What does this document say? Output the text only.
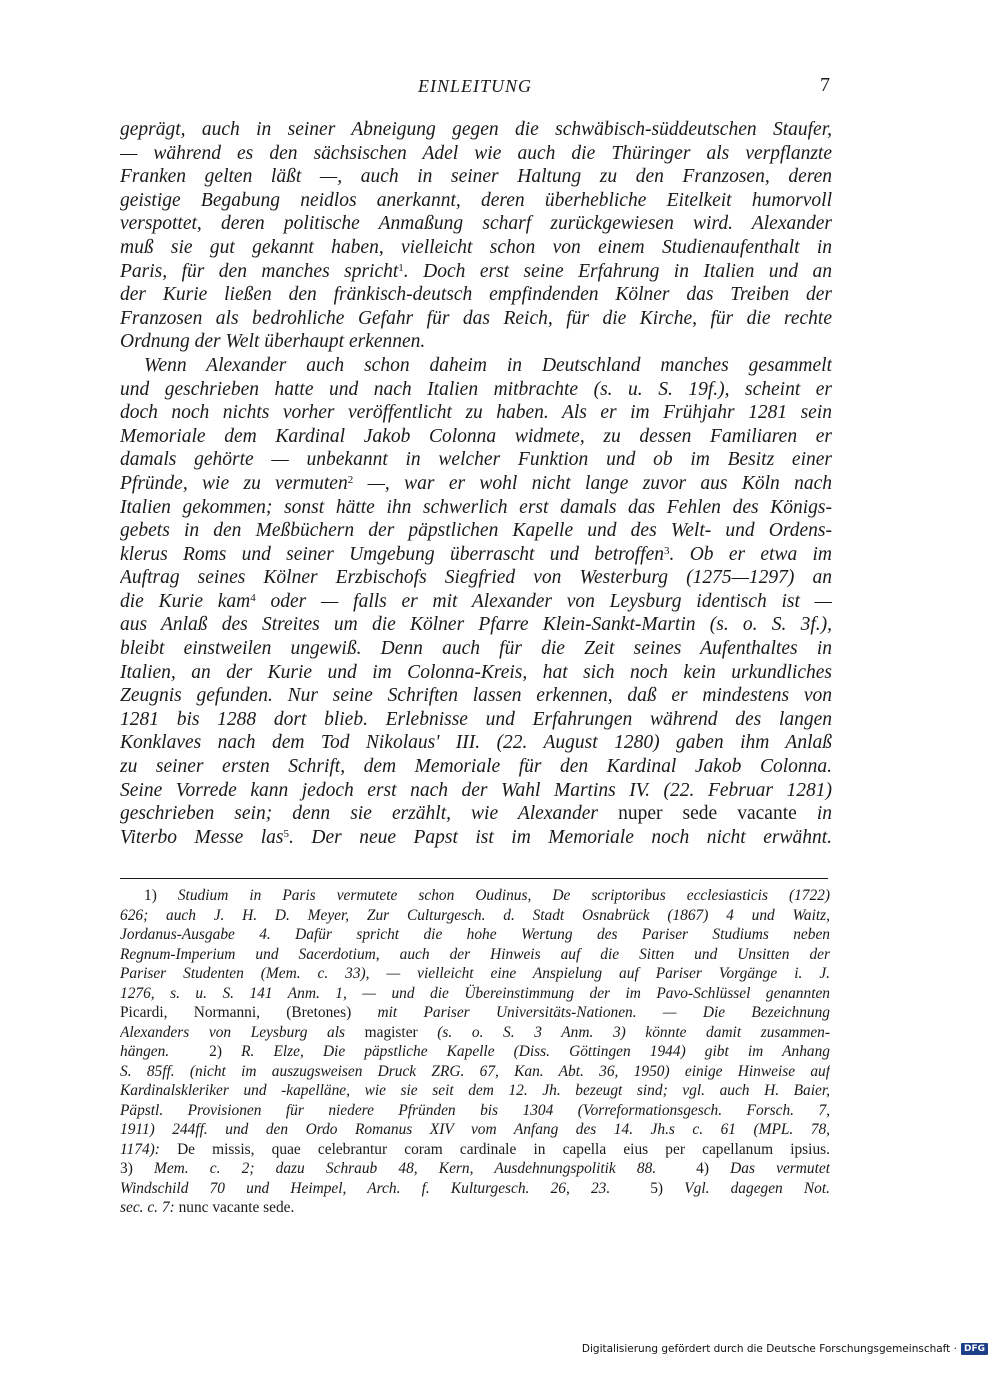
EINLEITUNG	7
geprägt, auch in seiner Abneigung gegen die schwäbisch-süddeutschen Staufer,
— während es den sächsischen Adel wie auch die Thüringer als verpflanzte
Franken gelten läßt —, auch in seiner Haltung zu den Franzosen, deren
geistige Begabung neidlos anerkannt, deren überhebliche Eitelkeit humorvoll
verspottet, deren politische Anmaßung scharf zurückgewiesen wird. Alexander
muß sie gut gekannt haben, vielleicht schon von einem Studienaufenthalt in
Paris, für den manches spricht$^1$. Doch erst seine Erfahrung in Italien und an
der Kurie ließen den fränkisch-deutsch empfindenden Kölner das Treiben der
Franzosen als bedrohliche Gefahr für das Reich, für die Kirche, für die rechte
Ordnung der Welt überhaupt erkennen.
Wenn Alexander auch schon daheim in Deutschland manches gesammelt
und geschrieben hatte und nach Italien mitbrachte (s. u. S. 19f.), scheint er
doch noch nichts vorher veröffentlicht zu haben. Als er im Frühjahr 1281 sein
Memoriale dem Kardinal Jakob Colonna widmete, zu dessen Familiaren er
damals gehörte — unbekannt in welcher Funktion und ob im Besitz einer
Pfründe, wie zu vermuten$^2$ —, war er wohl nicht lange zuvor aus Köln nach
Italien gekommen; sonst hätte ihn schwerlich erst damals das Fehlen des Königs-
gebets in den Meßbüchern der päpstlichen Kapelle und des Welt- und Ordens-
klerus Roms und seiner Umgebung überrascht und betroffen$^3$. Ob er etwa im
Auftrag seines Kölner Erzbischofs Siegfried von Westerburg (1275—1297) an
die Kurie kam$^4$ oder — falls er mit Alexander von Leysburg identisch ist —
aus Anlaß des Streites um die Kölner Pfarre Klein-Sankt-Martin (s. o. S. 3f.),
bleibt einstweilen ungewiß. Denn auch für die Zeit seines Aufenthaltes in
Italien, an der Kurie und im Colonna-Kreis, hat sich noch kein urkundliches
Zeugnis gefunden. Nur seine Schriften lassen erkennen, daß er mindestens von
1281 bis 1288 dort blieb. Erlebnisse und Erfahrungen während des langen
Konklaves nach dem Tod Nikolaus' III. (22. August 1280) gaben ihm Anlaß
zu seiner ersten Schrift, dem Memoriale für den Kardinal Jakob Colonna.
Seine Vorrede kann jedoch erst nach der Wahl Martins IV. (22. Februar 1281)
geschrieben sein; denn sie erzählt, wie Alexander nuper sede vacante in
Viterbo Messe las$^5$. Der neue Papst ist im Memoriale noch nicht erwähnt.
1) Studium in Paris vermutete schon Oudinus, De scriptoribus ecclesiasticis (1722)
626; auch J. H. D. Meyer, Zur Culturgesch. d. Stadt Osnabrück (1867) 4 und Waitz,
Jordanus-Ausgabe 4. Dafür spricht die hohe Wertung des Pariser Studiums neben
Regnum-Imperium und Sacerdotium, auch der Hinweis auf die Sitten und Unsitten der
Pariser Studenten (Mem. c. 33), — vielleicht eine Anspielung auf Pariser Vorgänge i. J.
1276, s. u. S. 141 Anm. 1, — und die Übereinstimmung der im Pavo-Schlüssel genannten
Picardi, Normanni, (Bretones) mit Pariser Universitäts-Nationen. — Die Bezeichnung
Alexanders von Leysburg als magister (s. o. S. 3 Anm. 3) könnte damit zusammen-
hängen.	2) R. Elze, Die päpstliche Kapelle (Diss. Göttingen 1944) gibt im Anhang
S. 85ff. (nicht im auszugsweisen Druck ZRG. 67, Kan. Abt. 36, 1950) einige Hinweise auf
Kardinalskleriker und -kapelläne, wie sie seit dem 12. Jh. bezeugt sind; vgl. auch H. Baier,
Päpstl. Provisionen für niedere Pfründen bis 1304 (Vorreformationsgesch. Forsch. 7,
1911) 244ff. und den Ordo Romanus XIV vom Anfang des 14. Jh.s c. 61 (MPL. 78,
1174): De missis, quae celebrantur coram cardinale in capella eius per capellanum ipsius.
3) Mem. c. 2; dazu Schraub 48, Kern, Ausdehnungspolitik 88.	4) Das vermutet
Windschild 70 und Heimpel, Arch. f. Kulturgesch. 26, 23.	5) Vgl. dagegen Not.
sec. c. 7: nunc vacante sede.
Digitalisierung gefördert durch die Deutsche Forschungsgemeinschaft · DFG
